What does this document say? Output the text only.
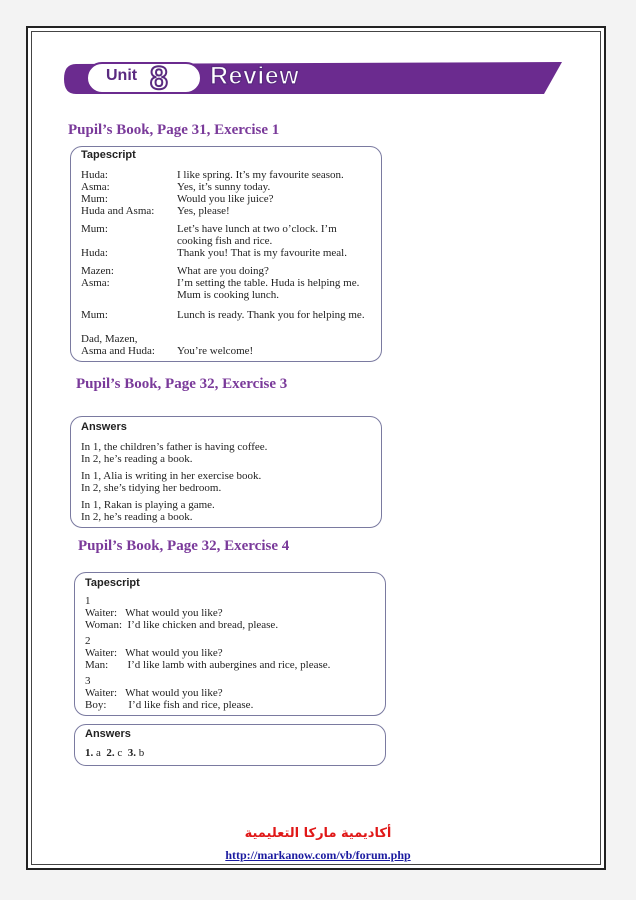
Unit 8 Review
Pupil’s Book, Page 31, Exercise 1
Tapescript
Huda:	I like spring. It’s my favourite season.
Asma:	Yes, it’s sunny today.
Mum:	Would you like juice?
Huda and Asma:	Yes, please!
Mum:	Let’s have lunch at two o’clock. I’m cooking fish and rice.
Huda:	Thank you! That is my favourite meal.
Mazen:	What are you doing?
Asma:	I’m setting the table. Huda is helping me. Mum is cooking lunch.
Mum:	Lunch is ready. Thank you for helping me.
Dad, Mazen,
Asma and Huda:	You’re welcome!
Pupil’s Book, Page 32, Exercise 3
Answers
In 1, the children’s father is having coffee.
In 2, he’s reading a book.
In 1, Alia is writing in her exercise book.
In 2, she’s tidying her bedroom.
In 1, Rakan is playing a game.
In 2, he’s reading a book.
Pupil’s Book, Page 32, Exercise 4
Tapescript
1
Waiter:   What would you like?
Woman:  I’d like chicken and bread, please.
2
Waiter:   What would you like?
Man:       I’d like lamb with aubergines and rice, please.
3
Waiter:   What would you like?
Boy:        I’d like fish and rice, please.
Answers
1. a 2. c 3. b
أكاديمية ماركا التعليمية
http://markanow.com/vb/forum.php
